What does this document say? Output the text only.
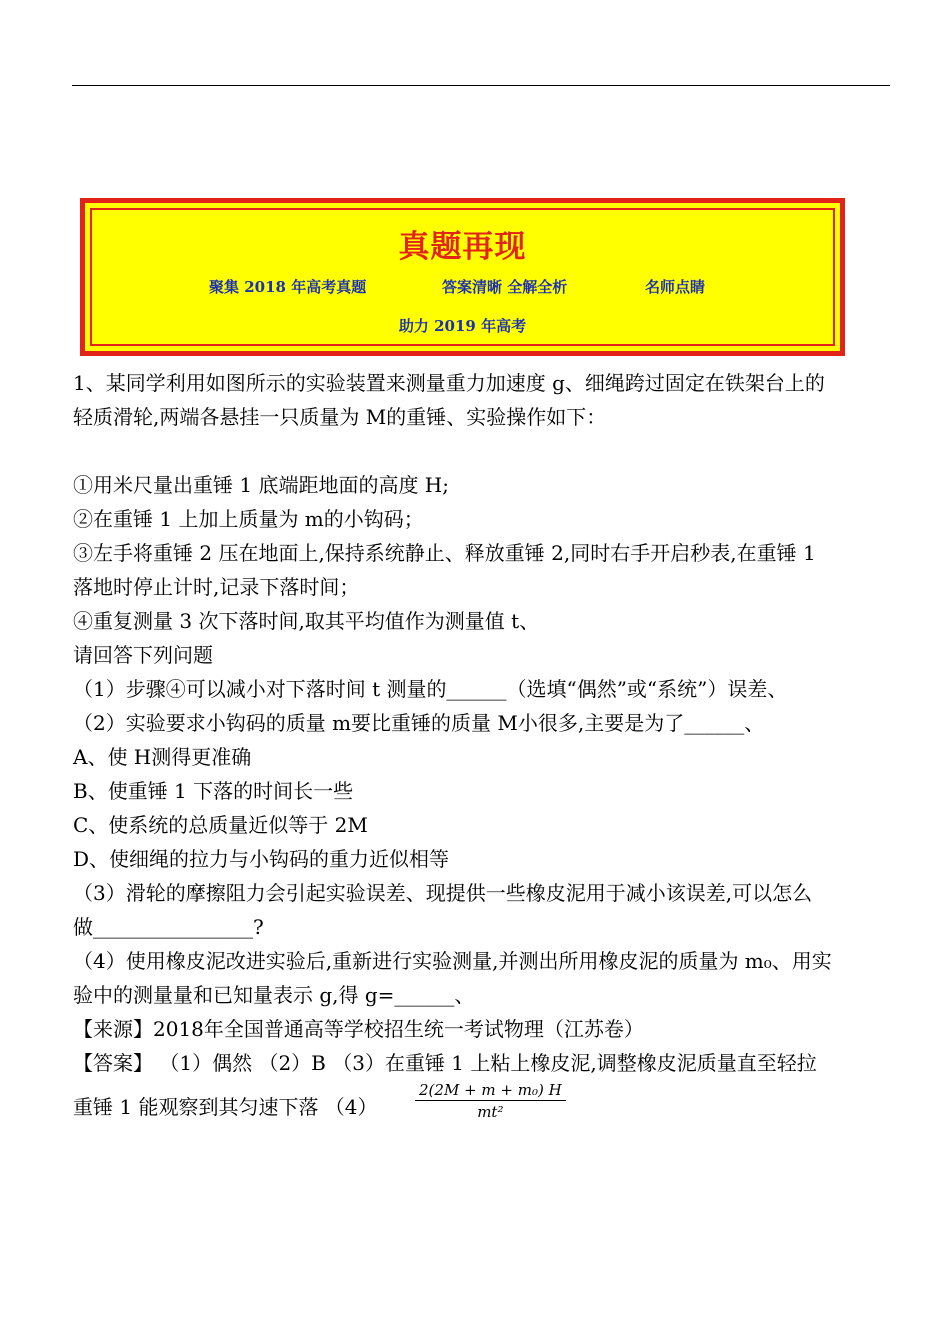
真题再现
聚集 2018 年高考真题	答案清晰 全解全析	名师点睛
助力 2019 年高考

1、某同学利用如图所示的实验装置来测量重力加速度 g、细绳跨过固定在铁架台上的

轻质滑轮,两端各悬挂一只质量为 M的重锤、实验操作如下：

①用米尺量出重锤 1 底端距地面的高度 H;

②在重锤 1 上加上质量为 m的小钩码；

③左手将重锤 2 压在地面上,保持系统静止、释放重锤 2,同时右手开启秒表,在重锤 1

落地时停止计时,记录下落时间；

④重复测量 3 次下落时间,取其平均值作为测量值 t、

请回答下列问题

（1）步骤④可以减小对下落时间 t 测量的______（选填“偶然”或“系统”）误差、

（2）实验要求小钩码的质量 m要比重锤的质量 M小很多,主要是为了______、

A、使 H测得更准确

B、使重锤 1 下落的时间长一些

C、使系统的总质量近似等于 2M

D、使细绳的拉力与小钩码的重力近似相等

（3）滑轮的摩擦阻力会引起实验误差、现提供一些橡皮泥用于减小该误差,可以怎么

做________________?

（4）使用橡皮泥改进实验后,重新进行实验测量,并测出所用橡皮泥的质量为 m₀、用实

验中的测量量和已知量表示 g,得 g=______、

【来源】2018年全国普通高等学校招生统一考试物理（江苏卷）

【答案】 （1）偶然 （2）B （3）在重锤 1 上粘上橡皮泥,调整橡皮泥质量直至轻拉

重锤 1 能观察到其匀速下落 $(4) \frac{\text{2(2M + m + m₀) H}}{\text{mt²}}$
